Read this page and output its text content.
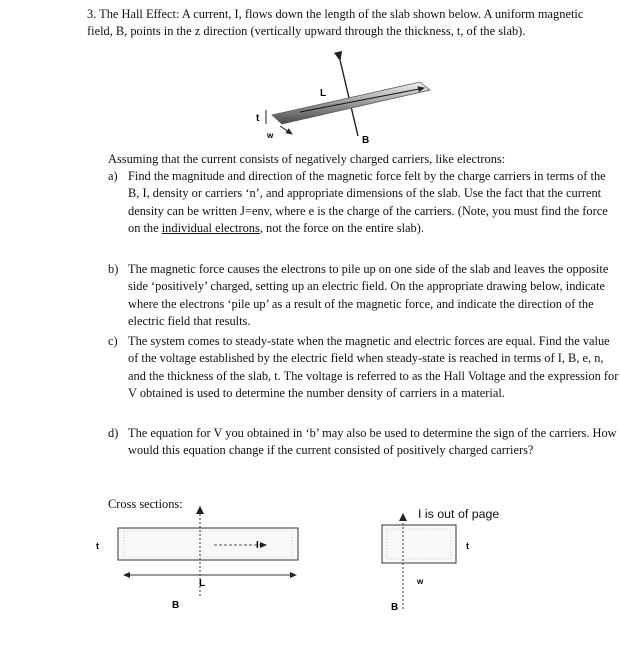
3. The Hall Effect: A current, I, flows down the length of the slab shown below. A uniform magnetic field, B, points in the z direction (vertically upward through the thickness, t, of the slab).
L
t
w	B
I
t
L
B
t
w
B
Assuming that the current consists of negatively charged carriers, like electrons:
a) Find the magnitude and direction of the magnetic force felt by the charge carriers in terms of the B, I, density or carriers ‘n’, and appropriate dimensions of the slab. Use the fact that the current density can be written J=env, where e is the charge of the carriers. (Note, you must find the force on the individual electrons, not the force on the entire slab).
b) The magnetic force causes the electrons to pile up on one side of the slab and leaves the opposite side ‘positively’ charged, setting up an electric field. On the appropriate drawing below, indicate where the electrons ‘pile up’ as a result of the magnetic force, and indicate the direction of the electric field that results.
c) The system comes to steady-state when the magnetic and electric forces are equal. Find the value of the voltage established by the electric field when steady-state is reached in terms of I, B, e, n, and the thickness of the slab, t. The voltage is referred to as the Hall Voltage and the expression for V obtained is used to determine the number density of carriers in a material.
d) The equation for V you obtained in ‘b’ may also be used to determine the sign of the carriers. How would this equation change if the current consisted of positively charged carriers?
Cross sections:
I is out of page
